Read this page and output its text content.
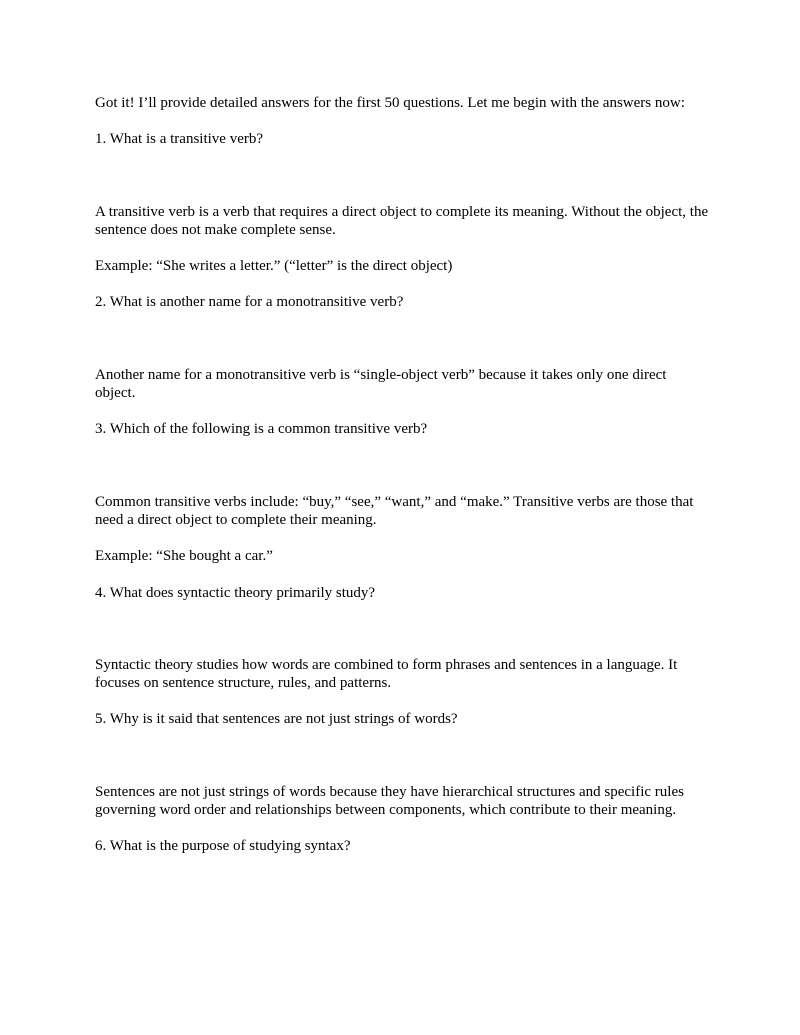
Got it! I’ll provide detailed answers for the first 50 questions. Let me begin with the answers now:

1. What is a transitive verb?

A transitive verb is a verb that requires a direct object to complete its meaning. Without the object, the sentence does not make complete sense.

Example: “She writes a letter.” (“letter” is the direct object)

2. What is another name for a monotransitive verb?

Another name for a monotransitive verb is “single-object verb” because it takes only one direct object.

3. Which of the following is a common transitive verb?

Common transitive verbs include: “buy,” “see,” “want,” and “make.” Transitive verbs are those that need a direct object to complete their meaning.

Example: “She bought a car.”

4. What does syntactic theory primarily study?

Syntactic theory studies how words are combined to form phrases and sentences in a language. It focuses on sentence structure, rules, and patterns.

5. Why is it said that sentences are not just strings of words?

Sentences are not just strings of words because they have hierarchical structures and specific rules governing word order and relationships between components, which contribute to their meaning.

6. What is the purpose of studying syntax?
